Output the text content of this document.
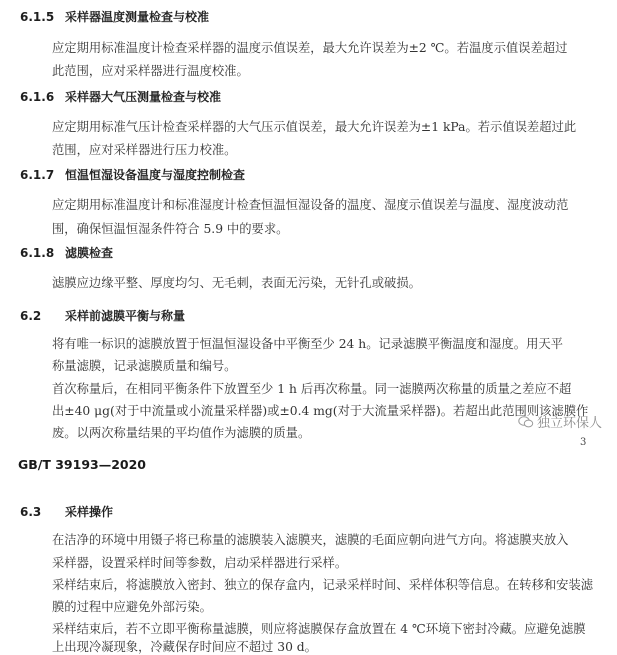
6.1.5 采样器温度测量检查与校准
应定期用标准温度计检查采样器的温度示值误差，最大允许误差为±2 ℃。若温度示值误差超过
此范围，应对采样器进行温度校准。
6.1.6 采样器大气压测量检查与校准
应定期用标准气压计检查采样器的大气压示值误差，最大允许误差为±1 kPa。若示值误差超过此
范围，应对采样器进行压力校准。
6.1.7 恒温恒湿设备温度与湿度控制检查
应定期用标准温度计和标准湿度计检查恒温恒湿设备的温度、湿度示值误差与温度、湿度波动范
围，确保恒温恒湿条件符合 5.9 中的要求。
6.1.8 滤膜检查
滤膜应边缘平整、厚度均匀、无毛刺，表面无污染，无针孔或破损。
6.2 采样前滤膜平衡与称量
将有唯一标识的滤膜放置于恒温恒湿设备中平衡至少 24 h。记录滤膜平衡温度和湿度。用天平
称量滤膜，记录滤膜质量和编号。
首次称量后，在相同平衡条件下放置至少 1 h 后再次称量。同一滤膜两次称量的质量之差应不超
出±40 μg(对于中流量或小流量采样器)或±0.4 mg(对于大流量采样器)。若超出此范围则该滤膜作
废。以两次称量结果的平均值作为滤膜的质量。
独立环保人
3
GB/T 39193—2020
6.3 采样操作
在洁净的环境中用镊子将已称量的滤膜装入滤膜夹，滤膜的毛面应朝向进气方向。将滤膜夹放入
采样器，设置采样时间等参数，启动采样器进行采样。
采样结束后，将滤膜放入密封、独立的保存盒内，记录采样时间、采样体积等信息。在转移和安装滤
膜的过程中应避免外部污染。
采样结束后，若不立即平衡称量滤膜，则应将滤膜保存盒放置在 4 ℃环境下密封冷藏。应避免滤膜
上出现冷凝现象，冷藏保存时间应不超过 30 d。
